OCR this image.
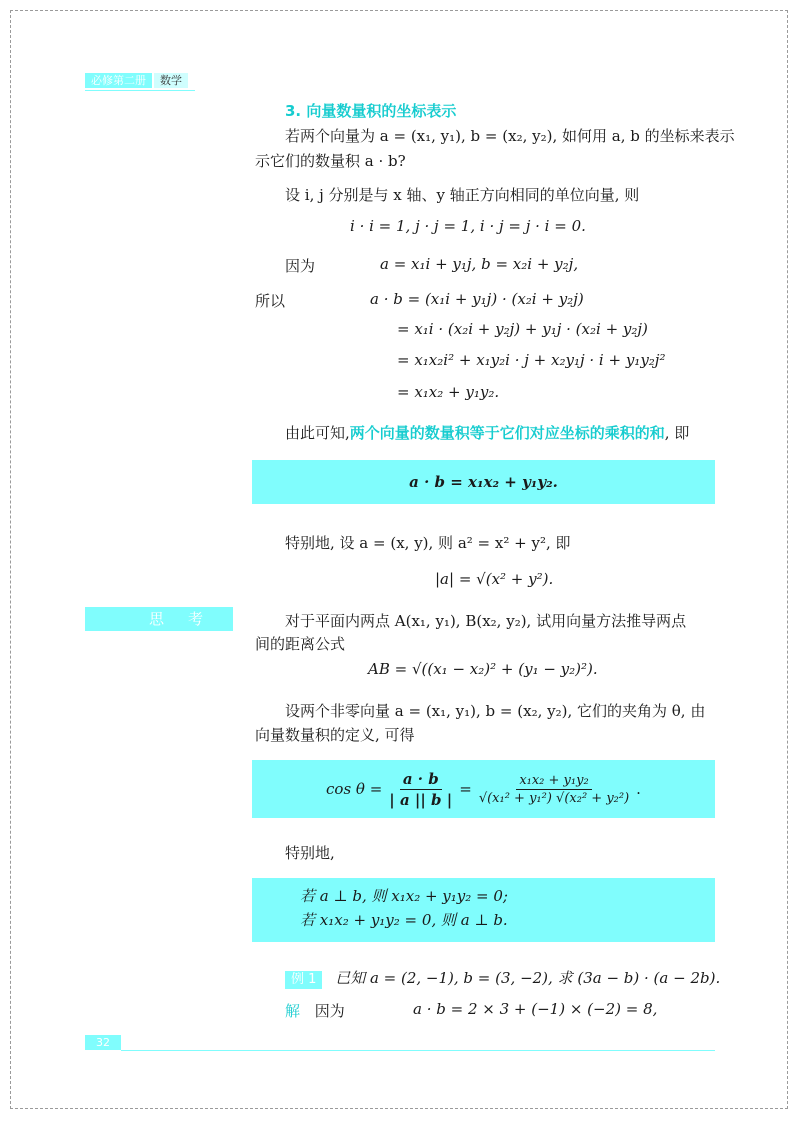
必修第二册 数学
3. 向量数量积的坐标表示
若两个向量为 a = (x₁, y₁), b = (x₂, y₂), 如何用 a, b 的坐标来表示
示它们的数量积 a · b?
设 i, j 分别是与 x 轴、y 轴正方向相同的单位向量, 则
i · i = 1, j · j = 1, i · j = j · i = 0.
因为	a = x₁i + y₁j, b = x₂i + y₂j,
所以	a · b = (x₁i + y₁j) · (x₂i + y₂j)
= x₁i · (x₂i + y₂j) + y₁j · (x₂i + y₂j)
= x₁x₂i² + x₁y₂i · j + x₂y₁j · i + y₁y₂j²
= x₁x₂ + y₁y₂.
由此可知,两个向量的数量积等于它们对应坐标的乘积的和, 即
a · b = x₁x₂ + y₁y₂.
特别地, 设 a = (x, y), 则 a² = x² + y², 即
|a| = √(x² + y²).
思考	对于平面内两点 A(x₁, y₁), B(x₂, y₂), 试用向量方法推导两点
间的距离公式
AB = √((x₁ − x₂)² + (y₁ − y₂)²).
设两个非零向量 a = (x₁, y₁), b = (x₂, y₂), 它们的夹角为 θ, 由
向量数量积的定义, 可得
$\cos \theta = \frac{a \cdot b}{| a || b |} = \frac{\text{x₁x₂ + y₁y₂}}{\text{√(x₁² + y₁²) √(x₂² + y₂²)}}$ .
特别地,
若 a ⊥ b, 则 x₁x₂ + y₁y₂ = 0;
若 x₁x₂ + y₁y₂ = 0, 则 a ⊥ b.
例 1 已知 a = (2, −1), b = (3, −2), 求 (3a − b) · (a − 2b).
解 因为	a · b = 2 × 3 + (−1) × (−2) = 8,
32
